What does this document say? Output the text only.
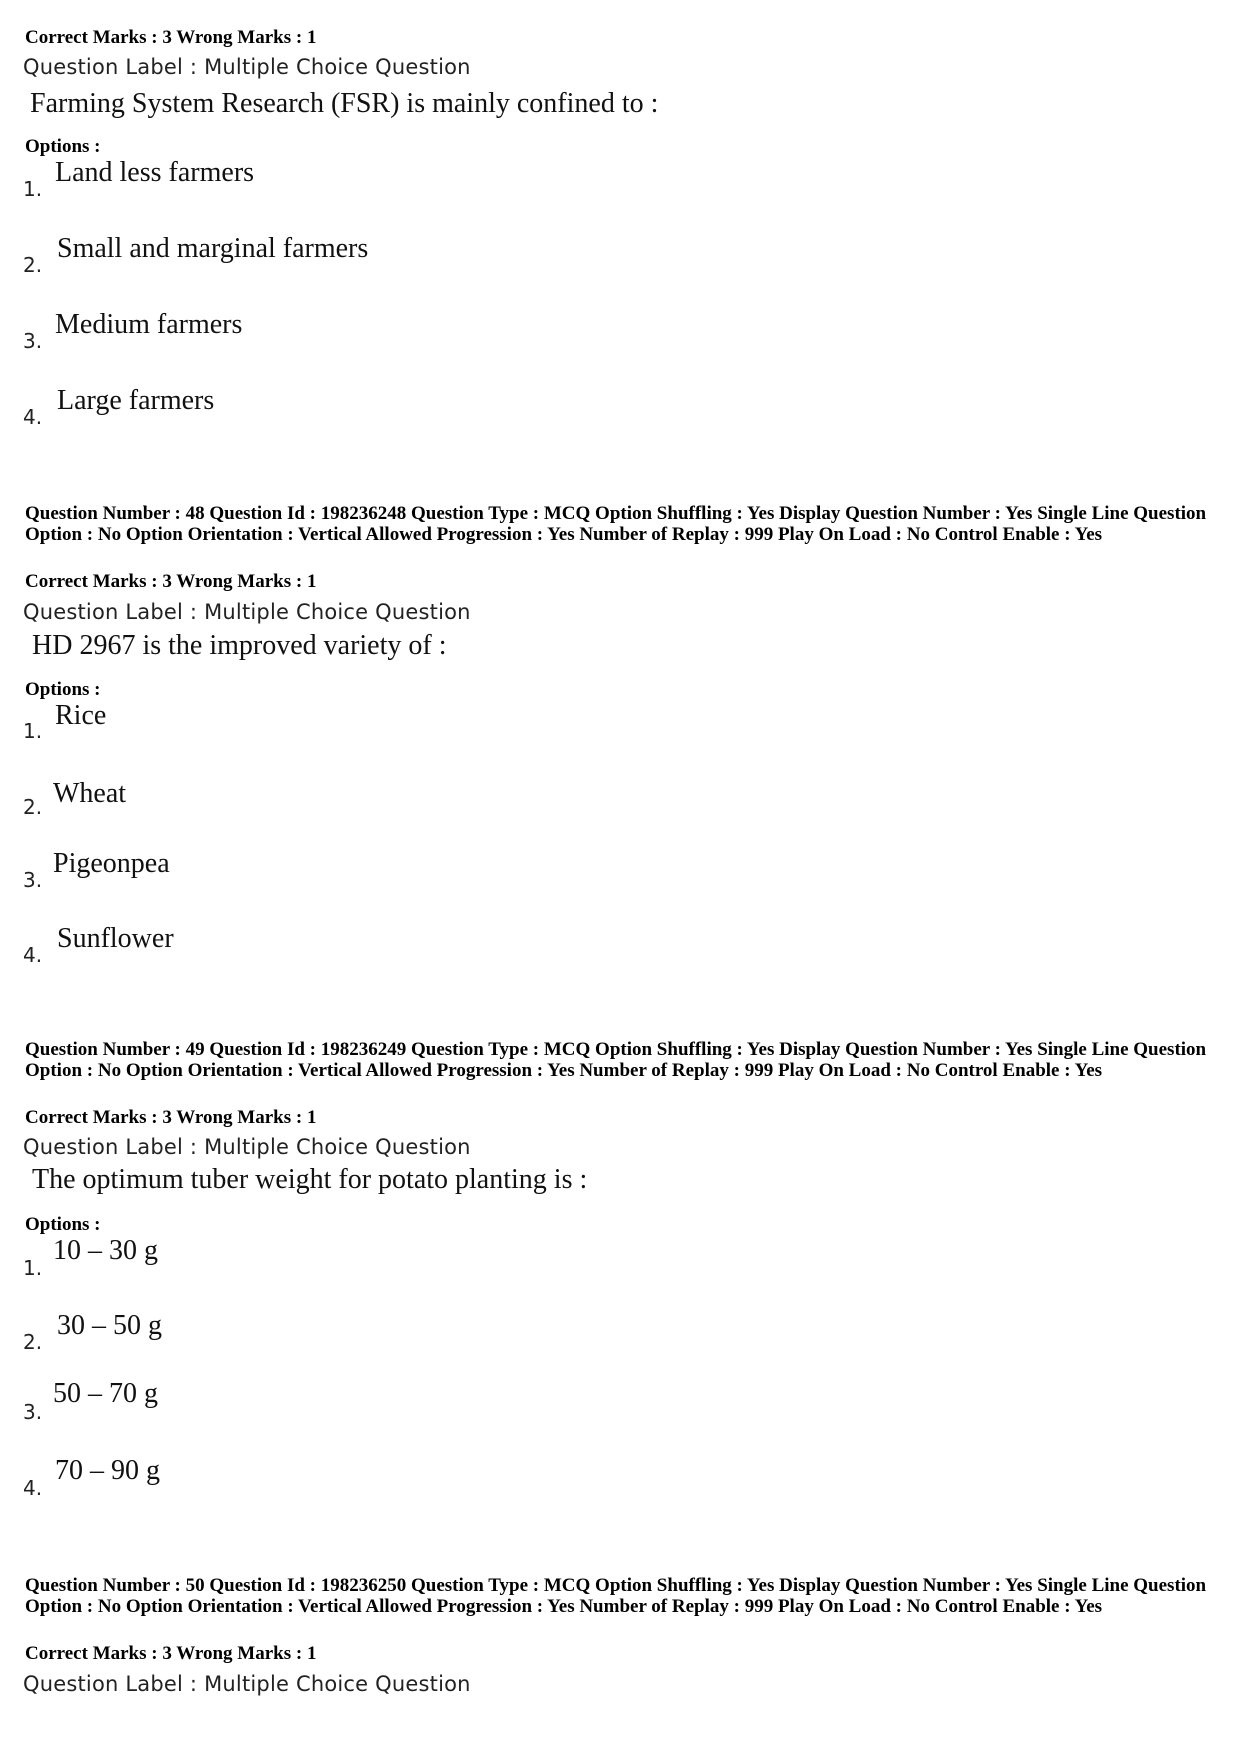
Correct Marks : 3 Wrong Marks : 1
Question Label : Multiple Choice Question
Farming System Research (FSR) is mainly confined to :
Options :
1.
Land less farmers
2.
Small and marginal farmers
3.
Medium farmers
4.
Large farmers
Question Number : 48 Question Id : 198236248 Question Type : MCQ Option Shuffling : Yes Display Question Number : Yes Single Line Question Option : No Option Orientation : Vertical Allowed Progression : Yes Number of Replay : 999 Play On Load : No Control Enable : Yes
Correct Marks : 3 Wrong Marks : 1
Question Label : Multiple Choice Question
HD 2967 is the improved variety of :
Options :
1. Rice
2. Wheat
3.
Pigeonpea
4.
Sunflower
Question Number : 49 Question Id : 198236249 Question Type : MCQ Option Shuffling : Yes Display Question Number : Yes Single Line Question Option : No Option Orientation : Vertical Allowed Progression : Yes Number of Replay : 999 Play On Load : No Control Enable : Yes
Correct Marks : 3 Wrong Marks : 1
Question Label : Multiple Choice Question
The optimum tuber weight for potato planting is :
Options :
1.
10 – 30 g
2.
30 – 50 g
3.
50 – 70 g
4.
70 – 90 g
Question Number : 50 Question Id : 198236250 Question Type : MCQ Option Shuffling : Yes Display Question Number : Yes Single Line Question Option : No Option Orientation : Vertical Allowed Progression : Yes Number of Replay : 999 Play On Load : No Control Enable : Yes
Correct Marks : 3 Wrong Marks : 1
Question Label : Multiple Choice Question
